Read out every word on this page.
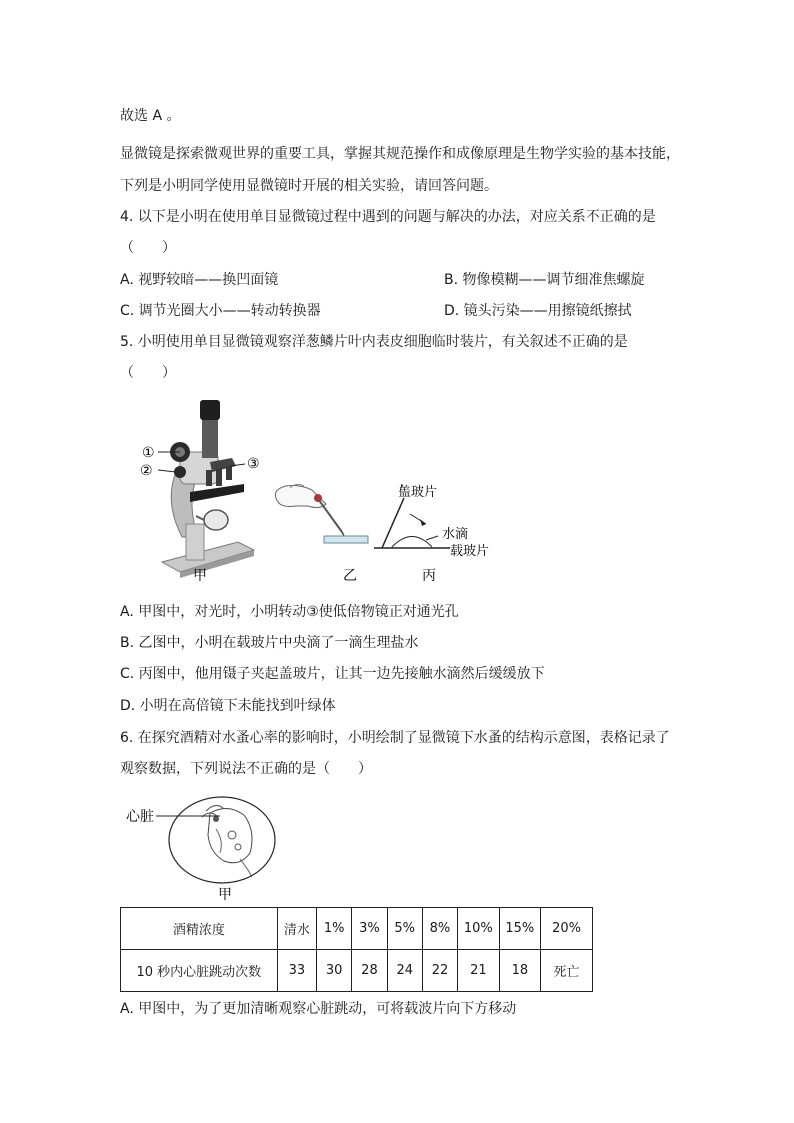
故选 A 。
显微镜是探索微观世界的重要工具，掌握其规范操作和成像原理是生物学实验的基本技能，
下列是小明同学使用显微镜时开展的相关实验，请回答问题。
4. 以下是小明在使用单目显微镜过程中遇到的问题与解决的办法，对应关系不正确的是
（　　）
A. 视野较暗——换凹面镜	B. 物像模糊——调节细准焦螺旋
C. 调节光圈大小——转动转换器	D. 镜头污染——用擦镜纸擦拭
5. 小明使用单目显微镜观察洋葱鳞片叶内表皮细胞临时装片，有关叙述不正确的是
（　　）
①
②	③
甲	乙
盖玻片
水滴
载玻片
丙
A. 甲图中，对光时，小明转动③使低倍物镜正对通光孔
B. 乙图中，小明在载玻片中央滴了一滴生理盐水
C. 丙图中，他用镊子夹起盖玻片，让其一边先接触水滴然后缓缓放下
D. 小明在高倍镜下未能找到叶绿体
6. 在探究酒精对水蚤心率的影响时，小明绘制了显微镜下水蚤的结构示意图，表格记录了
观察数据，下列说法不正确的是（　　）
心脏
甲
酒精浓度	清水	1%	3%	5%	8%	10%	15%	20%
10 秒内心脏跳动次数	33	30	28	24	22	21	18	死亡
A. 甲图中，为了更加清晰观察心脏跳动，可将载波片向下方移动
